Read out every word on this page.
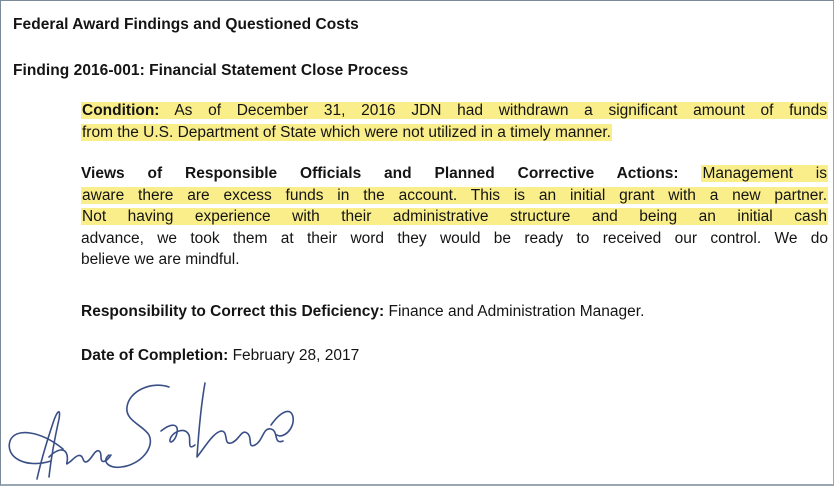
Federal Award Findings and Questioned Costs
Finding 2016-001: Financial Statement Close Process
Condition: As of December 31, 2016 JDN had withdrawn a significant amount of funds
from the U.S. Department of State which were not utilized in a timely manner.
Views of Responsible Officials and Planned Corrective Actions: Management is
aware there are excess funds in the account. This is an initial grant with a new partner.
Not having experience with their administrative structure and being an initial cash
advance, we took them at their word they would be ready to received our control. We do
believe we are mindful.
Responsibility to Correct this Deficiency: Finance and Administration Manager.
Date of Completion: February 28, 2017
